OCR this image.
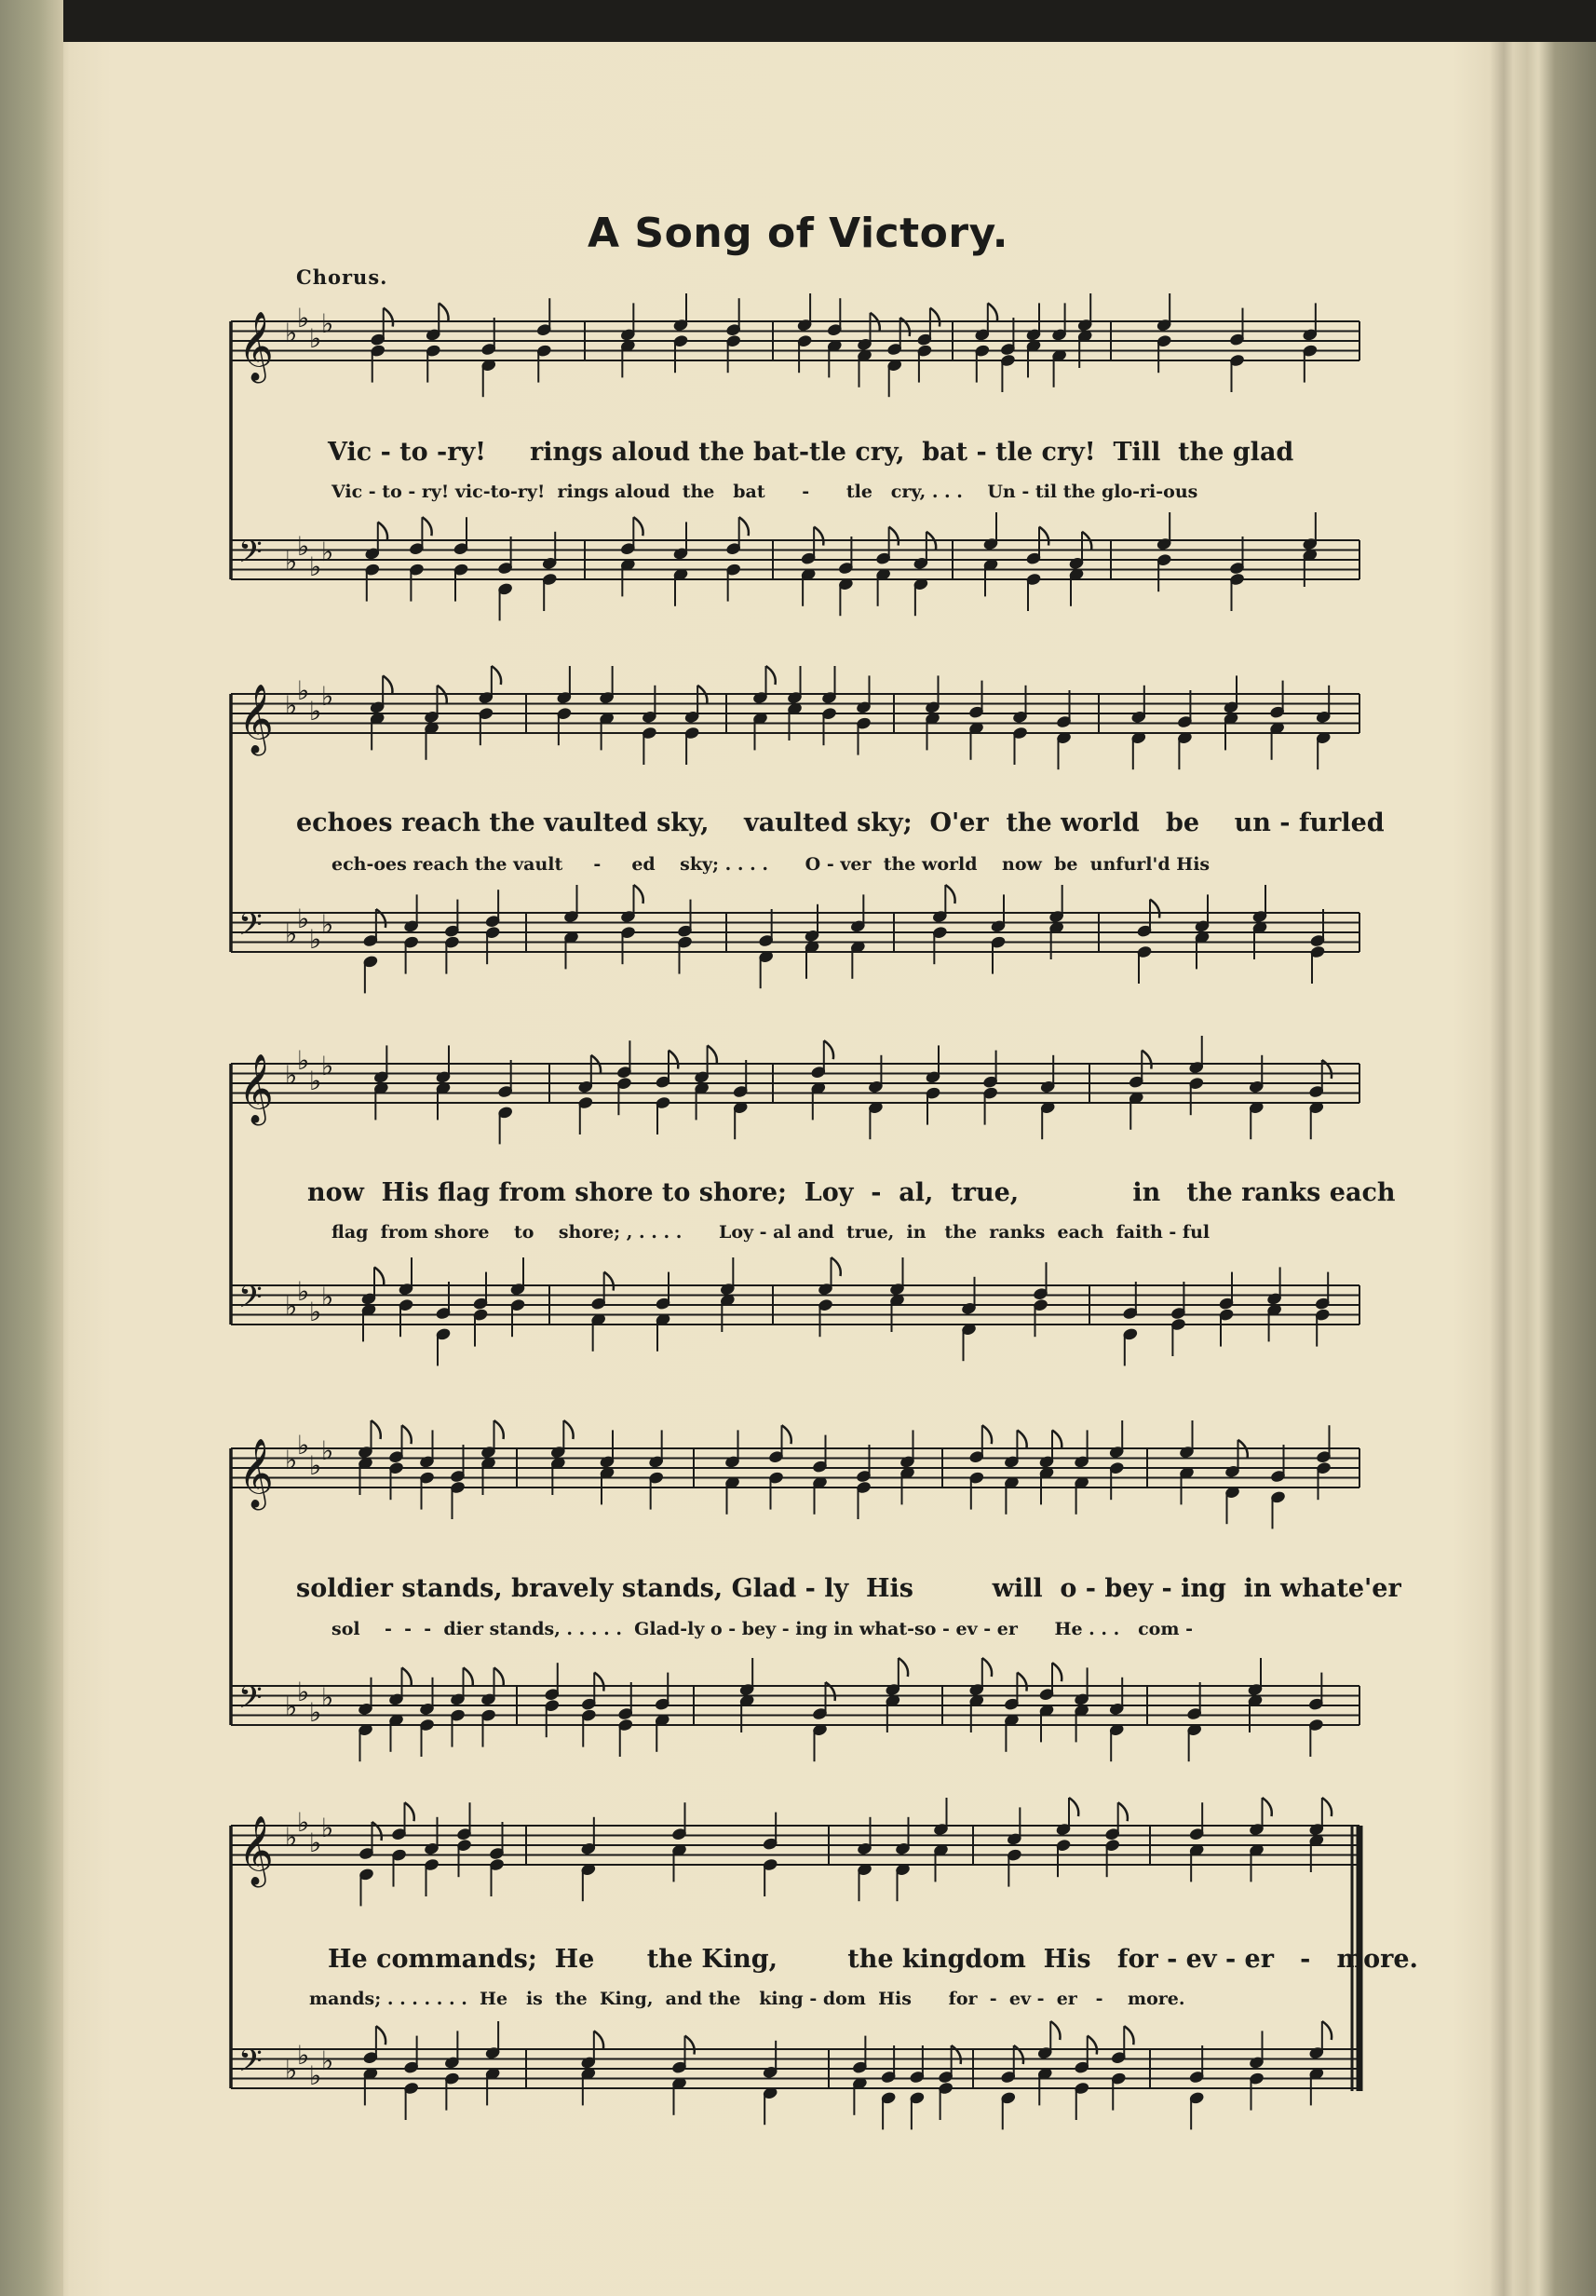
A Song of Victory.
Chorus.
𝄞 ♭ ♭
♭ ♭
𝄢 ♭ ♭
♭ ♭
𝄞 ♭ ♭
♭ ♭
𝄢 ♭ ♭
♭ ♭
𝄞 ♭ ♭
♭ ♭
𝄢 ♭ ♭
♭ ♭
𝄞 ♭ ♭
♭ ♭
𝄢 ♭ ♭
♭ ♭
𝄞 ♭ ♭
♭ ♭
𝄢 ♭ ♭
♭ ♭
Vic - to -ry!     rings aloud the bat-tle cry,  bat - tle cry!  Till  the glad
Vic - to - ry! vic-to-ry!  rings aloud  the   bat      -      tle   cry, . . .    Un - til the glo-ri-ous
echoes reach the vaulted sky,    vaulted sky;  O'er  the world   be    un - furled
ech-oes reach the vault     -     ed    sky; . . . .      O - ver  the world    now  be  unfurl'd His
now  His flag from shore to shore;  Loy  -  al,  true,             in   the ranks each
flag  from shore    to    shore; , . . . .      Loy - al and  true,  in   the  ranks  each  faith - ful
soldier stands, bravely stands, Glad - ly  His         will  o - bey - ing  in whate'er
sol    -  -  -  dier stands, . . . . .  Glad-ly o - bey - ing in what-so - ev - er      He . . .   com -
He commands;  He      the King,        the kingdom  His   for - ev - er   -   more.
mands; . . . . . . .  He   is  the  King,  and the   king - dom  His      for  -  ev -  er   -    more.
